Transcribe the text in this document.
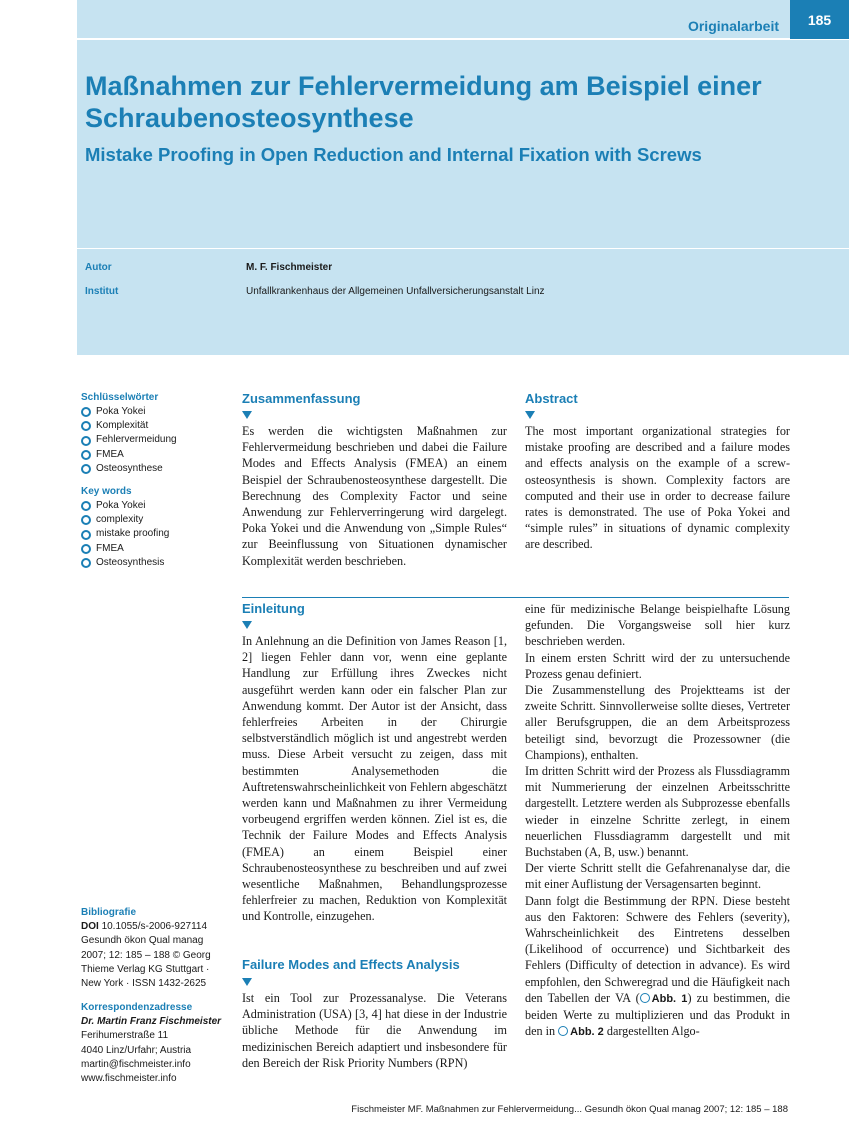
Originalarbeit	185
Maßnahmen zur Fehlervermeidung am Beispiel einer Schraubenosteosynthese
Mistake Proofing in Open Reduction and Internal Fixation with Screws
Autor	M. F. Fischmeister
Institut	Unfallkrankenhaus der Allgemeinen Unfallversicherungsanstalt Linz
Schlüsselwörter
Poka Yokei
Komplexität
Fehlervermeidung
FMEA
Osteosynthese
Key words
Poka Yokei
complexity
mistake proofing
FMEA
Osteosynthesis
Bibliografie
DOI 10.1055/s-2006-927114
Gesundh ökon Qual manag
2007; 12: 185 – 188 © Georg
Thieme Verlag KG Stuttgart ·
New York · ISSN 1432-2625
Korrespondenzadresse
Dr. Martin Franz Fischmeister
Ferihumerstraße 11
4040 Linz/Urfahr; Austria
martin@fischmeister.info
www.fischmeister.info
Zusammenfassung
Es werden die wichtigsten Maßnahmen zur Fehlervermeidung beschrieben und dabei die Failure Modes and Effects Analysis (FMEA) an einem Beispiel der Schraubenosteosynthese dargestellt. Die Berechnung des Complexity Factor und seine Anwendung zur Fehlerverringerung wird dargelegt. Poka Yokei und die Anwendung von „Simple Rules“ zur Beeinflussung von Situationen dynamischer Komplexität werden beschrieben.
Abstract
The most important organizational strategies for mistake proofing are described and a failure modes and effects analysis on the example of a screw-osteosynthesis is shown. Complexity factors are computed and their use in order to decrease failure rates is demonstrated. The use of Poka Yokei and “simple rules” in situations of dynamic complexity are described.
Einleitung
In Anlehnung an die Definition von James Reason [1, 2] liegen Fehler dann vor, wenn eine geplante Handlung zur Erfüllung ihres Zweckes nicht ausgeführt werden kann oder ein falscher Plan zur Anwendung kommt. Der Autor ist der Ansicht, dass fehlerfreies Arbeiten in der Chirurgie selbstverständlich möglich ist und angestrebt werden muss. Diese Arbeit versucht zu zeigen, dass mit bestimmten Analysemethoden die Auftretenswahrscheinlichkeit von Fehlern abgeschätzt werden kann und Maßnahmen zu ihrer Vermeidung vorbeugend ergriffen werden können. Ziel ist es, die Technik der Failure Modes and Effects Analysis (FMEA) an einem Beispiel einer Schraubenosteosynthese zu beschreiben und auf zwei wesentliche Maßnahmen, Behandlungsprozesse fehlerfreier zu machen, Reduktion von Komplexität und Kontrolle, einzugehen.
Failure Modes and Effects Analysis
Ist ein Tool zur Prozessanalyse. Die Veterans Administration (USA) [3, 4] hat diese in der Industrie übliche Methode für die Anwendung im medizinischen Bereich adaptiert und insbesondere für den Bereich der Risk Priority Numbers (RPN)

eine für medizinische Belange beispielhafte Lösung gefunden. Die Vorgangsweise soll hier kurz beschrieben werden.

In einem ersten Schritt wird der zu untersuchende Prozess genau definiert.

Die Zusammenstellung des Projektteams ist der zweite Schritt. Sinnvollerweise sollte dieses, Vertreter aller Berufsgruppen, die an dem Arbeitsprozess beteiligt sind, bevorzugt die Prozessowner (die Champions), enthalten.

Im dritten Schritt wird der Prozess als Flussdiagramm mit Nummerierung der einzelnen Arbeitsschritte dargestellt. Letztere werden als Subprozesse ebenfalls wieder in einzelne Schritte zerlegt, in einem neuerlichen Flussdiagramm dargestellt und mit Buchstaben (A, B, usw.) benannt.

Der vierte Schritt stellt die Gefahrenanalyse dar, die mit einer Auflistung der Versagensarten beginnt.

Dann folgt die Bestimmung der RPN. Diese besteht aus den Faktoren: Schwere des Fehlers (severity), Wahrscheinlichkeit des Eintretens desselben (Likelihood of occurrence) und Sichtbarkeit des Fehlers (Difficulty of detection in advance). Es wird empfohlen, den Schweregrad und die Häufigkeit nach den Tabellen der VA ( Abb. 1) zu bestimmen, die beiden Werte zu multiplizieren und das Produkt in den in Abb. 2 dargestellten Algo-

Fischmeister MF. Maßnahmen zur Fehlervermeidung... Gesundh ökon Qual manag 2007; 12: 185 – 188
